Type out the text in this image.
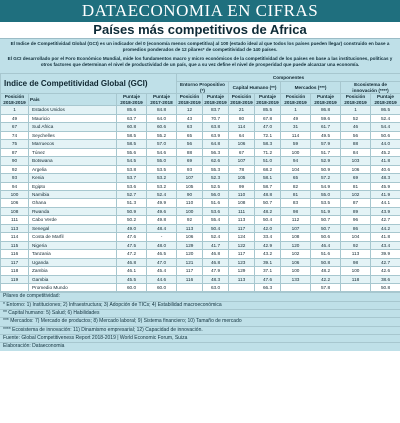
DATAECONOMIA EN CIFRAS
Países más competitivos de Africa

El Indice de Competitividad Global (GCI) es un indicador del 0 (economía menos competitiva) al 100 (estado ideal al que todos los países pueden llegar) construido en base a promedios ponderados de 12 pilares* de competitividad de 140 países.

El GCI desarrollado por el Foro Económico Mundial, mide los fundamentos macro y micro económicos de la competitividad de los países en base a las instituciones, políticas y otros factores que determinan el nivel de productividad de un país, que a su vez define el nivel de prosperidad que puede alcanzar una economía.

Indice de Competitividad Global (GCI)				Componentes							
				Entorno Propositivo (*)		Capital Humano (**)		Mercados (***)		Ecosistema de innovación (****)	
Posición 2018-2019	País	Puntaje 2018-2019	Puntaje 2017-2018	Posición 2018-2019	Puntaje 2018-2019	Posición 2018-2019	Puntaje 2018-2019	Posición 2018-2019	Puntaje 2018-2019	Posición 2018-2019	Puntaje 2018-2019
1	Estados Unidos	85.6	84.8	12	83.7	21	85.5	1	86.8	1	86.5
49	Mauricio	63.7	64.0	43	70.7	80	67.8	49	59.6	52	52.4
67	Sud Africa	60.8	60.6	63	63.8	114	47.0	31	61.7	46	54.4
74	Seychelles	58.5	55.2	65	63.9	64	72.1	114	49.5	56	50.6
75	Marruecos	58.5	57.0	56	64.8	106	58.3	59	57.9	88	44.0
87	Túnez	55.6	54.6	88	56.3	67	71.2	100	51.7	84	45.2
90	Botswana	54.5	55.0	69	62.6	107	51.0	94	52.9	103	41.8
92	Argelia	53.8	53.5	93	55.3	78	68.2	104	50.9	106	40.6
93	Kenia	53.7	53.2	107	52.3	105	58.1	65	57.2	69	48.3
94	Egipto	53.6	53.2	105	52.5	99	58.7	82	54.9	81	45.9
100	Namibia	52.7	52.4	90	56.0	110	48.8	81	55.0	102	41.9
106	Ghana	51.3	49.9	110	51.6	108	50.7	83	53.5	87	44.1
108	Rwanda	50.9	49.6	100	53.6	111	48.2	98	51.9	89	43.9
111	Cabo Verde	50.2	49.8	92	55.4	113	50.4	112	50.7	96	42.7
113	Senegal	49.0	48.4	113	50.4	117	42.0	107	50.7	86	44.2
114	Costa de Marfil	47.6	-	106	52.4	124	33.4	108	50.6	104	41.8
115	Nigeria	47.5	48.0	129	41.7	122	42.9	120	46.4	92	43.4
116	Tanzania	47.2	46.5	120	46.8	117	43.2	102	51.6	113	39.9
117	Uganda	46.8	47.0	121	46.8	123	39.1	106	50.8	98	42.7
118	Zambia	46.1	45.4	117	47.9	129	37.1	100	48.2	100	42.6
119	Gambia	45.5	44.6	116	48.3	113	47.6	133	42.2	118	38.6
	Promedio Mundo	60.0	60.0		63.0		66.3		57.8		50.8
Pilares de competitividad:
* Entorno: 1) Instituciones; 2) Infraestructura; 3) Adopción de TICs; 4) Estabilidad macroeconómica
** Capital humano: 5) Salud; 6) Habilidades
*** Mercados: 7) Mercado de productos; 8) Mercado laboral; 9) Sistema financiero; 10) Tamaño de mercado
**** Ecosistema de innovación: 11) Dinamismo empresarial; 12) Capacidad de innovación.
Fuente: Global Competitiveness Report 2018-2019 | World Economic Forum, Suiza
Elaboración: Dataeconomia
